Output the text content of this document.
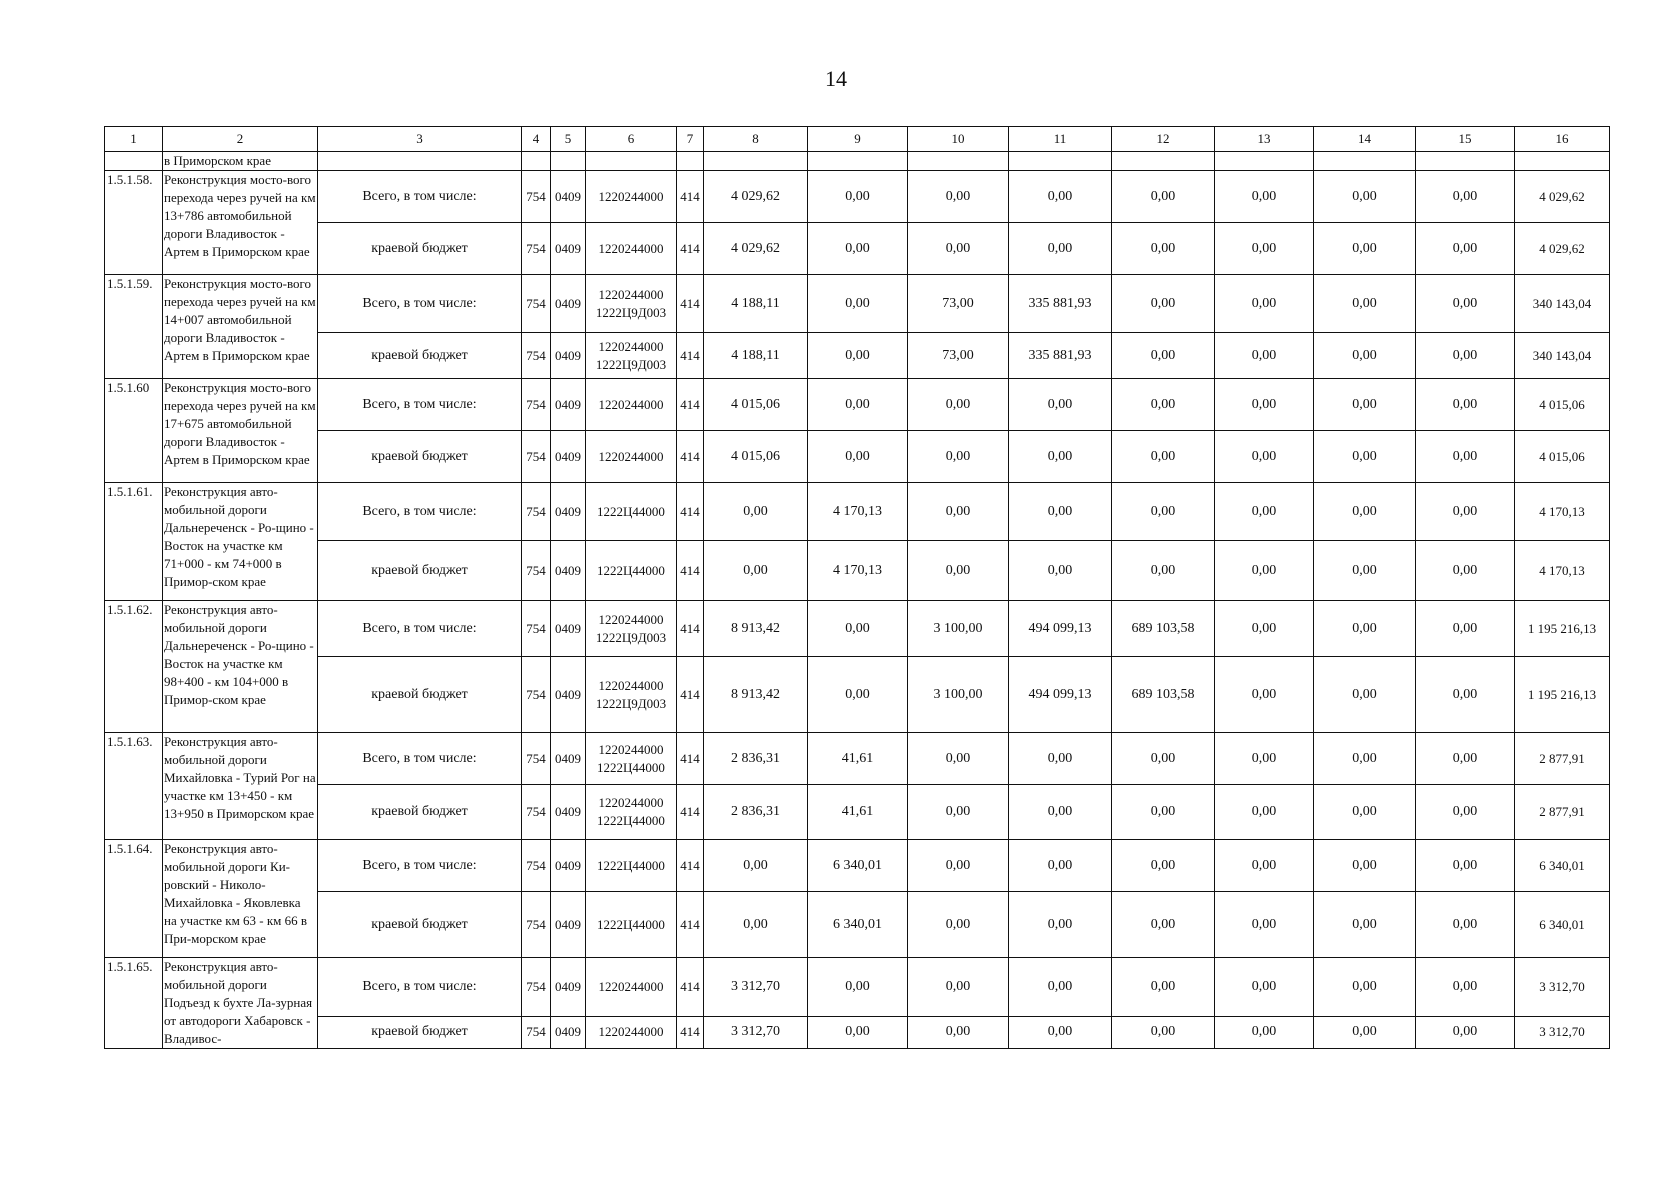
14
1	2	3	4	5	6	7	8	9	10	11	12	13	14	15	16
	в Приморском крае														
1.5.1.58.	Реконструкция мосто-вого перехода через ручей на км 13+786 автомобильной дороги Владивосток - Артем в Приморском крае	Всего, в том числе:	754	0409	1220244000	414	4 029,62	0,00	0,00	0,00	0,00	0,00	0,00	0,00	4 029,62
		краевой бюджет	754	0409	1220244000	414	4 029,62	0,00	0,00	0,00	0,00	0,00	0,00	0,00	4 029,62
1.5.1.59.	Реконструкция мосто-вого перехода через ручей на км 14+007 автомобильной дороги Владивосток - Артем в Приморском крае	Всего, в том числе:	754	0409	1220244000 1222Ц9Д003	414	4 188,11	0,00	73,00	335 881,93	0,00	0,00	0,00	0,00	340 143,04
		краевой бюджет	754	0409	1220244000 1222Ц9Д003	414	4 188,11	0,00	73,00	335 881,93	0,00	0,00	0,00	0,00	340 143,04
1.5.1.60	Реконструкция мосто-вого перехода через ручей на км 17+675 автомобильной дороги Владивосток - Артем в Приморском крае	Всего, в том числе:	754	0409	1220244000	414	4 015,06	0,00	0,00	0,00	0,00	0,00	0,00	0,00	4 015,06
		краевой бюджет	754	0409	1220244000	414	4 015,06	0,00	0,00	0,00	0,00	0,00	0,00	0,00	4 015,06
1.5.1.61.	Реконструкция авто-мобильной дороги Дальнереченск - Ро-щино - Восток на участке км 71+000 - км 74+000 в Примор-ском крае	Всего, в том числе:	754	0409	1222Ц44000	414	0,00	4 170,13	0,00	0,00	0,00	0,00	0,00	0,00	4 170,13
		краевой бюджет	754	0409	1222Ц44000	414	0,00	4 170,13	0,00	0,00	0,00	0,00	0,00	0,00	4 170,13
1.5.1.62.	Реконструкция авто-мобильной дороги Дальнереченск - Ро-щино - Восток на участке км 98+400 - км 104+000 в Примор-ском крае	Всего, в том числе:	754	0409	1220244000 1222Ц9Д003	414	8 913,42	0,00	3 100,00	494 099,13	689 103,58	0,00	0,00	0,00	1 195 216,13
		краевой бюджет	754	0409	1220244000 1222Ц9Д003	414	8 913,42	0,00	3 100,00	494 099,13	689 103,58	0,00	0,00	0,00	1 195 216,13
1.5.1.63.	Реконструкция авто-мобильной дороги Михайловка - Турий Рог на участке км 13+450 - км 13+950 в Приморском крае	Всего, в том числе:	754	0409	1220244000 1222Ц44000	414	2 836,31	41,61	0,00	0,00	0,00	0,00	0,00	0,00	2 877,91
		краевой бюджет	754	0409	1220244000 1222Ц44000	414	2 836,31	41,61	0,00	0,00	0,00	0,00	0,00	0,00	2 877,91
1.5.1.64.	Реконструкция авто-мобильной дороги Ки-ровский - Николо-Михайловка - Яковлевка на участке км 63 - км 66 в При-морском крае	Всего, в том числе:	754	0409	1222Ц44000	414	0,00	6 340,01	0,00	0,00	0,00	0,00	0,00	0,00	6 340,01
		краевой бюджет	754	0409	1222Ц44000	414	0,00	6 340,01	0,00	0,00	0,00	0,00	0,00	0,00	6 340,01
1.5.1.65.	Реконструкция авто-мобильной дороги Подъезд к бухте Ла-зурная от автодороги Хабаровск - Владивос-	Всего, в том числе:	754	0409	1220244000	414	3 312,70	0,00	0,00	0,00	0,00	0,00	0,00	0,00	3 312,70
		краевой бюджет	754	0409	1220244000	414	3 312,70	0,00	0,00	0,00	0,00	0,00	0,00	0,00	3 312,70
